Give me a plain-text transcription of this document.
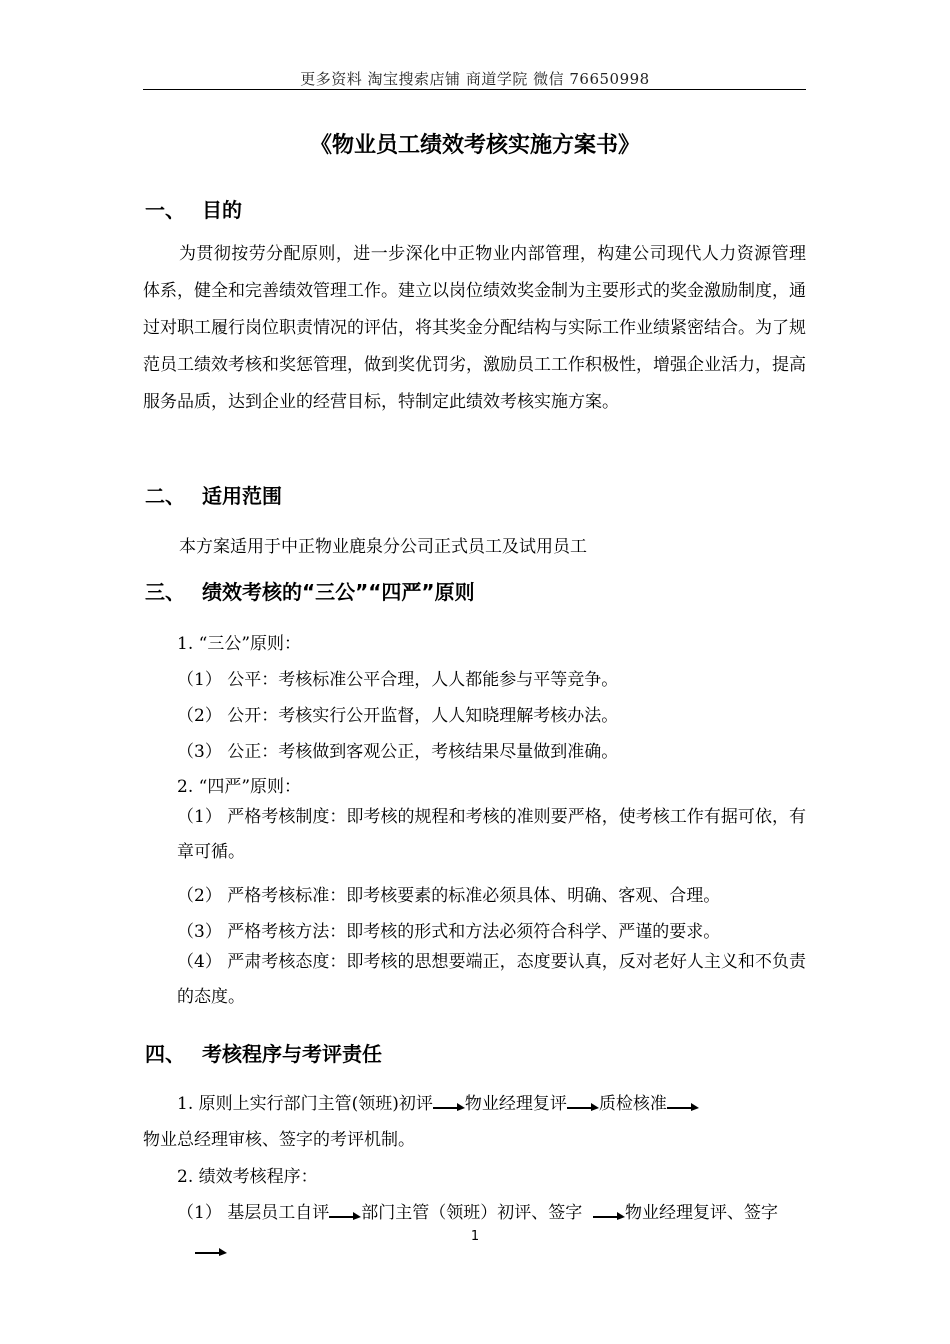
更多资料 淘宝搜索店铺 商道学院 微信 76650998
《物业员工绩效考核实施方案书》
一、 目的

为贯彻按劳分配原则，进一步深化中正物业内部管理，构建公司现代人力资源管理体系，健全和完善绩效管理工作。建立以岗位绩效奖金制为主要形式的奖金激励制度，通过对职工履行岗位职责情况的评估，将其奖金分配结构与实际工作业绩紧密结合。为了规范员工绩效考核和奖惩管理，做到奖优罚劣，激励员工工作积极性，增强企业活力，提高服务品质，达到企业的经营目标，特制定此绩效考核实施方案。

二、 适用范围

本方案适用于中正物业鹿泉分公司正式员工及试用员工

三、 绩效考核的“三公”“四严”原则

1. “三公”原则：

（1） 公平：考核标准公平合理，人人都能参与平等竞争。

（2） 公开：考核实行公开监督，人人知晓理解考核办法。

（3） 公正：考核做到客观公正，考核结果尽量做到准确。

2. “四严”原则：

（1） 严格考核制度：即考核的规程和考核的准则要严格，使考核工作有据可依，有章可循。

（2） 严格考核标准：即考核要素的标准必须具体、明确、客观、合理。

（3） 严格考核方法：即考核的形式和方法必须符合科学、严谨的要求。

（4） 严肃考核态度：即考核的思想要端正，态度要认真，反对老好人主义和不负责的态度。

四、 考核程序与考评责任

1. 原则上实行部门主管(领班)初评 物业经理复评 质检核准

物业总经理审核、签字的考评机制。

2. 绩效考核程序：

（1） 基层员工自评 部门主管（领班）初评、签字	物业经理复评、签字

1
